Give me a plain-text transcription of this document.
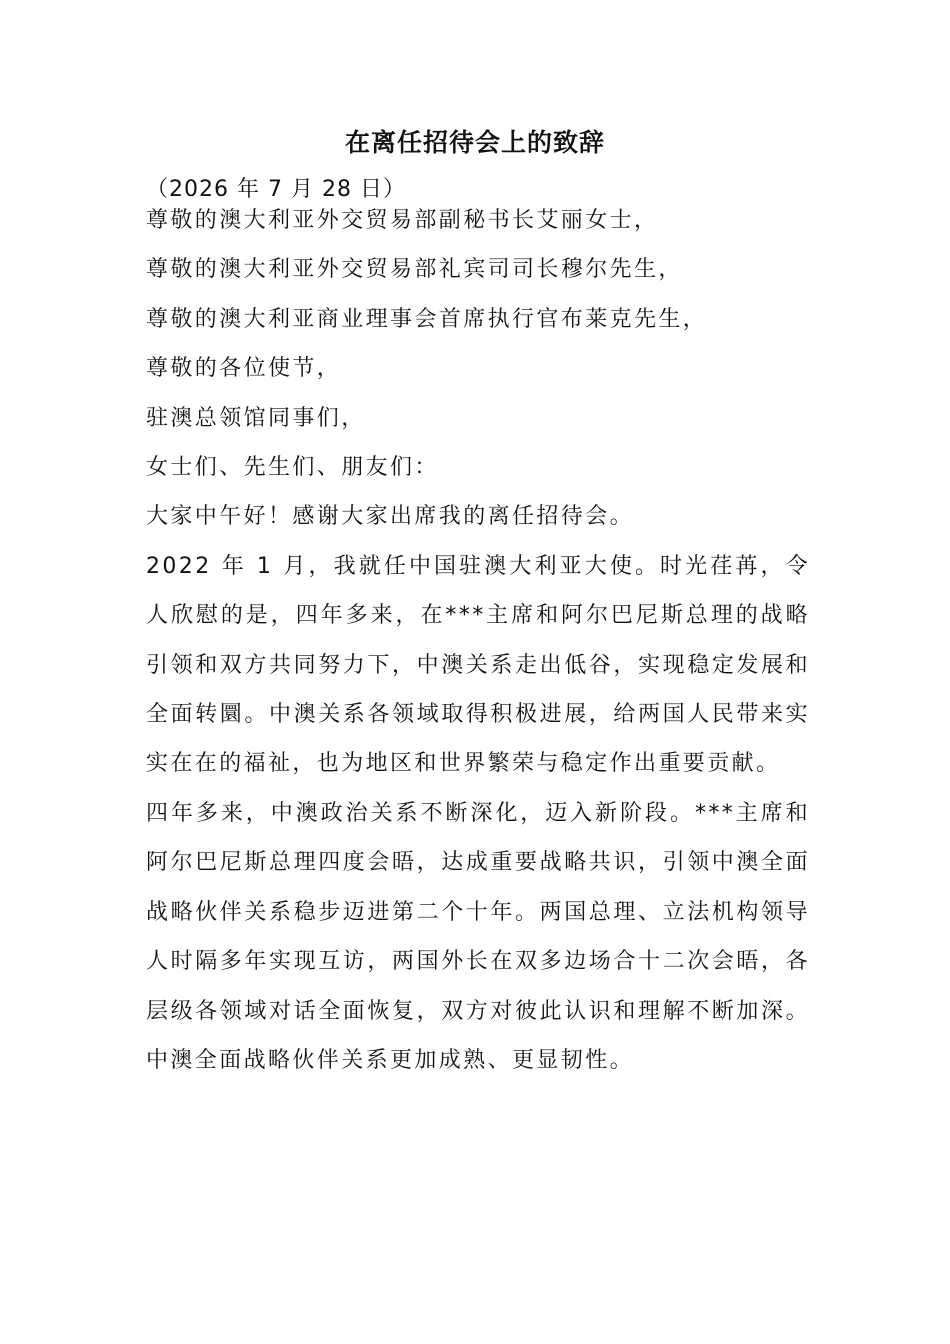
在离任招待会上的致辞
（2026 年 7 月 28 日）

尊敬的澳大利亚外交贸易部副秘书长艾丽女士，

尊敬的澳大利亚外交贸易部礼宾司司长穆尔先生，

尊敬的澳大利亚商业理事会首席执行官布莱克先生，

尊敬的各位使节，

驻澳总领馆同事们，

女士们、先生们、朋友们：

大家中午好！感谢大家出席我的离任招待会。

2022 年 1 月，我就任中国驻澳大利亚大使。时光荏苒，令人欣慰的是，四年多来，在***主席和阿尔巴尼斯总理的战略引领和双方共同努力下，中澳关系走出低谷，实现稳定发展和全面转圜。中澳关系各领域取得积极进展，给两国人民带来实实在在的福祉，也为地区和世界繁荣与稳定作出重要贡献。

四年多来，中澳政治关系不断深化，迈入新阶段。***主席和阿尔巴尼斯总理四度会晤，达成重要战略共识，引领中澳全面战略伙伴关系稳步迈进第二个十年。两国总理、立法机构领导人时隔多年实现互访，两国外长在双多边场合十二次会晤，各层级各领域对话全面恢复，双方对彼此认识和理解不断加深。中澳全面战略伙伴关系更加成熟、更显韧性。
